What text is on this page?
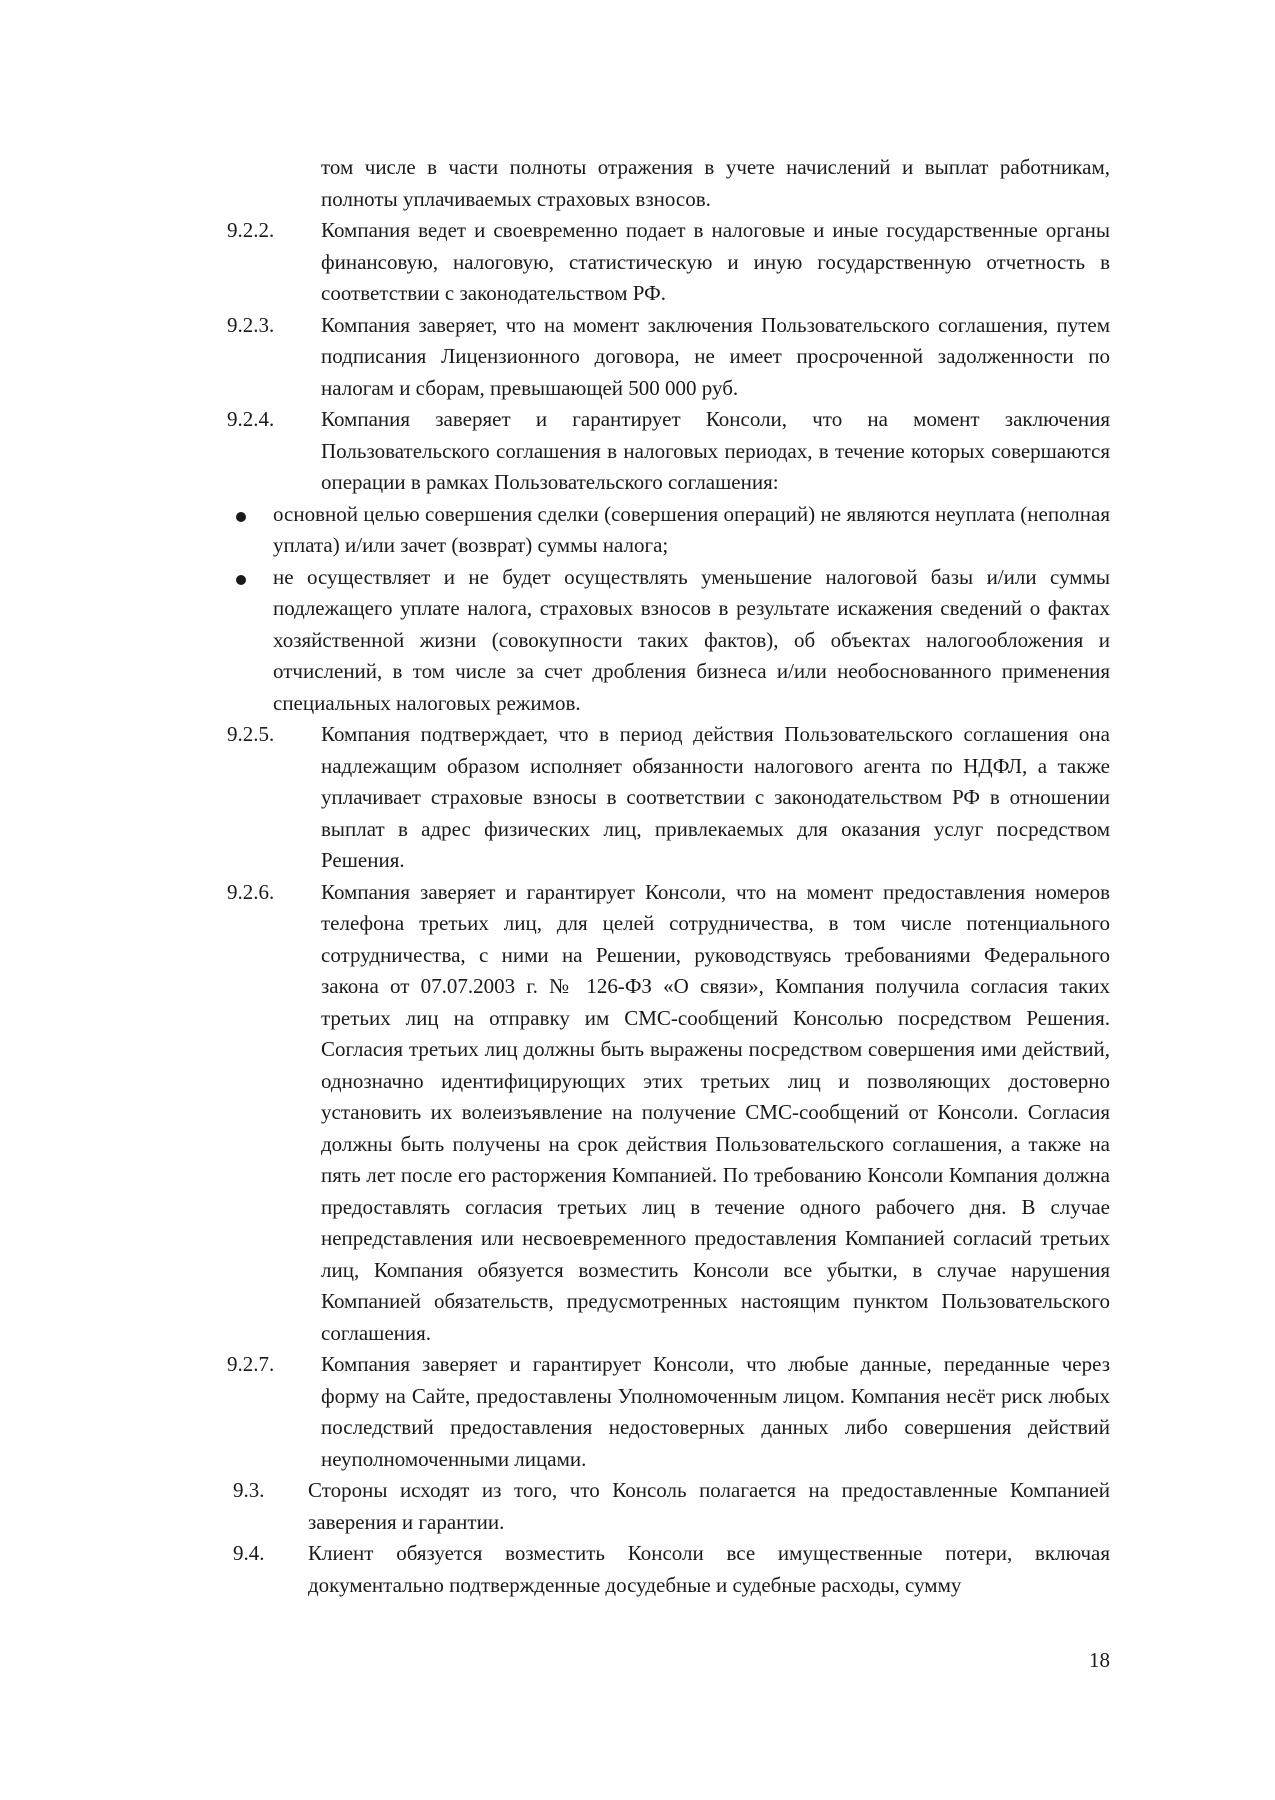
том числе в части полноты отражения в учете начислений и выплат работникам, полноты уплачиваемых страховых взносов.

9.2.2. Компания ведет и своевременно подает в налоговые и иные государственные органы финансовую, налоговую, статистическую и иную государственную отчетность в соответствии с законодательством РФ.

9.2.3. Компания заверяет, что на момент заключения Пользовательского соглашения, путем подписания Лицензионного договора, не имеет просроченной задолженности по налогам и сборам, превышающей 500 000 руб.

9.2.4. Компания заверяет и гарантирует Консоли, что на момент заключения Пользовательского соглашения в налоговых периодах, в течение которых совершаются операции в рамках Пользовательского соглашения:

основной целью совершения сделки (совершения операций) не являются неуплата (неполная уплата) и/или зачет (возврат) суммы налога;

не осуществляет и не будет осуществлять уменьшение налоговой базы и/или суммы подлежащего уплате налога, страховых взносов в результате искажения сведений о фактах хозяйственной жизни (совокупности таких фактов), об объектах налогообложения и отчислений, в том числе за счет дробления бизнеса и/или необоснованного применения специальных налоговых режимов.

9.2.5. Компания подтверждает, что в период действия Пользовательского соглашения она надлежащим образом исполняет обязанности налогового агента по НДФЛ, а также уплачивает страховые взносы в соответствии с законодательством РФ в отношении выплат в адрес физических лиц, привлекаемых для оказания услуг посредством Решения.

9.2.6. Компания заверяет и гарантирует Консоли, что на момент предоставления номеров телефона третьих лиц, для целей сотрудничества, в том числе потенциального сотрудничества, с ними на Решении, руководствуясь требованиями Федерального закона от 07.07.2003 г. № 126-ФЗ «О связи», Компания получила согласия таких третьих лиц на отправку им СМС-сообщений Консолью посредством Решения. Согласия третьих лиц должны быть выражены посредством совершения ими действий, однозначно идентифицирующих этих третьих лиц и позволяющих достоверно установить их волеизъявление на получение СМС-сообщений от Консоли. Согласия должны быть получены на срок действия Пользовательского соглашения, а также на пять лет после его расторжения Компанией. По требованию Консоли Компания должна предоставлять согласия третьих лиц в течение одного рабочего дня. В случае непредставления или несвоевременного предоставления Компанией согласий третьих лиц, Компания обязуется возместить Консоли все убытки, в случае нарушения Компанией обязательств, предусмотренных настоящим пунктом Пользовательского соглашения.

9.2.7. Компания заверяет и гарантирует Консоли, что любые данные, переданные через форму на Сайте, предоставлены Уполномоченным лицом. Компания несёт риск любых последствий предоставления недостоверных данных либо совершения действий неуполномоченными лицами.

9.3. Стороны исходят из того, что Консоль полагается на предоставленные Компанией заверения и гарантии.

9.4. Клиент обязуется возместить Консоли все имущественные потери, включая документально подтвержденные досудебные и судебные расходы, сумму

18
